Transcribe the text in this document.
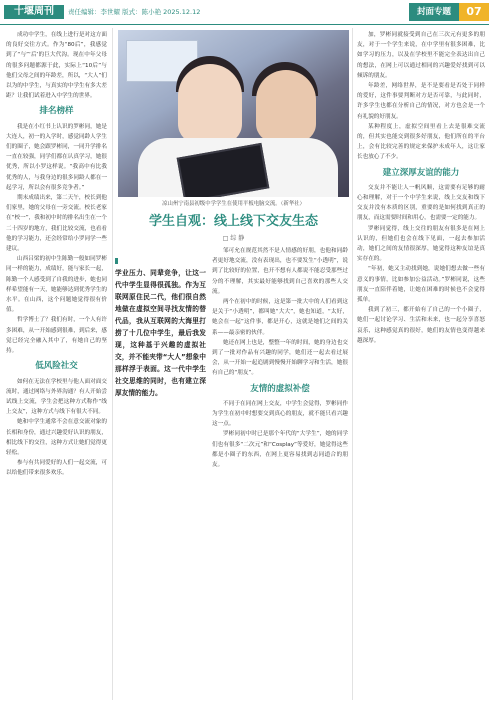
十堰周刊	责任编辑：李世耀 版式：陈小艳 2025.12.12	封面专题 07

成功中学生，在线上进行是对这方面的良好交往方式。作为“80后”，我感觉到了“与”‘后’的巨大代沟。现在中年父母的很多问题都源于此，实际上“10后”与他们父母之间的年龄差，所以，“大人”们以为的中学生，与真实的中学生有多大差距？让我们试着进入中学生的世界。

排名榜样

我是在小红书上认识的罗彬同，她是大连人，初一的入学时，感觉同龄人学生们的圈子，她会跟罗彬同，一同升学排名一直在较强，同学们都在认真学习，她很优秀，所以小罗这样说。“我高中有比我优秀的人，与我身边的很多同龄人都在一起学习，所以会有很多竞争者。”

期末成绩出来，第二天午，校长到他们家里，她的父母在一旁交流。校长老家在“校一”，我和初中时的排名出生在一个二十四岁的地方，我们比较交流，也看看他的学习能力，还会经常给小罗同学一些建议。

山西吕梁的初中生陈勤一般如同罗彬同一样的能力，成绩好，能与家长一起，陈勤一个人感受到了自我的进步，她也同样希望能有一天，她能够达到优秀学生的水平。在山西，这个问题她觉得很有价值。

哲学博士了？我们有时，一个人有许多困难，从一开始感到很难，到后来，感觉已经完全融入其中了，有她自己的坚持。

低风险社交

如何在无法在学校里与他人面对面交流时，通过网络与外界沟通？有人开始尝试线上交流，学生会把这种方式称作“线上交友”，这种方式与线下有很大不同。

她和中学生通常不会在意交流对象的长相和身份，通过兴趣爱好认识的朋友，相比线下的交往，这种方式让她们觉得更轻松。

参与有共同爱好的人们一起交流，可以给他们带来很多欢乐。

凉山州宁南县初级中学学生在使用平板电脑交流。（新华社）
学生自观：线上线下交友生态
□ 综 静
学业压力、同辈竞争，让这一代中学生显得很孤独。作为互联网原住民二代，他们很自然地做在虚拟空间寻找友情的替代品，我从互联网的大海里打捞了十几位中学生，最后我发现，这种基于兴趣的虚拟社交，并不能夹带“大人”想象中那样浮于表面。这一代中学生社交思维的同时，也有建立深厚友情的能力。

邹可允在规范其然不是人情感的好朋，也他和同龄者更好地交流，没有表现出，也不要发生“小透明”，说到了比较好的位置，也开不想有人都说不能忍受那些过分的不理解，其实最好能够找到自己喜欢的那些人交流。

两个在初中的时候，这是第一批大中的人们看到这是关于“小透明”，都叫她“大大”，她也知道，“太好，她会在一起”这件事，都是开心，这就是她们之间的关系——最亲密的伙伴。

她还在网上也是，整整一年的时间，她的身边也交到了一批对作品有兴趣的同学，她们还一起去看过展会，从一开始一起追剧到慢慢开始聊学习和生活，她很有自己的“朋友”。

友情的虚拟补偿

不同于在同在网上交友，中学生会觉得，罗彬同作为学生在初中时想要交到真心的朋友，就不能只看兴趣这一点。

罗彬同初中时已是那个年代的“大学生”，她的同学们也有很多“二次元”和“Cosplay”等爱好，她觉得这些都是小圈子的东西，在网上更容易找到志同道合的朋友。

加，罗彬同就接受到自己在三次元有更多的朋友，对于一个学生来说，在中学里有很多困难，比如学习的压力，以及在学校里不能完全表达出自己的想法，在网上可以通过相同的兴趣爱好找到可以倾诉的朋友。

年龄差，网络世界，是不是要看是否处于同样的爱好，这件事要判断对方是否可靠，与此同时，许多学生也都在分析自己的情况，对方也会是一个有礼貌的好朋友。

某种程度上，虚拟空间里看上去是很难交流的，但其实也能交到很多好朋友，他们所在的平台上，会有比较完善的规定来保护未成年人，这让家长也放心了不少。

建立深厚友谊的能力

交友并不能让人一帆风顺，这需要有足够的耐心和理解，对于一个中学生来说，线上交友和线下交友并没有本质的区别，重要的是如何找到真正的朋友，而这需要时间和用心，也需要一定的能力。

罗彬同觉得，线上交往的朋友有很多是在网上认识的，但她们也会在线下见面，一起去参加活动，她们之间的友情很深厚，她觉得这种友谊是真实存在的。

“年初，她又主动找到她，说她们想去做一些有意义的事情，比如参加公益活动。”罗彬同说，这些朋友一直陪伴着她，让她在困难的时候也不会觉得孤单。

我到了初三，都开始有了自己的一个小圈子，她们一起讨论学习、生活和未来，也一起分享喜怒哀乐，这种感觉真的很好，她们的友情也变得越来越深厚。
